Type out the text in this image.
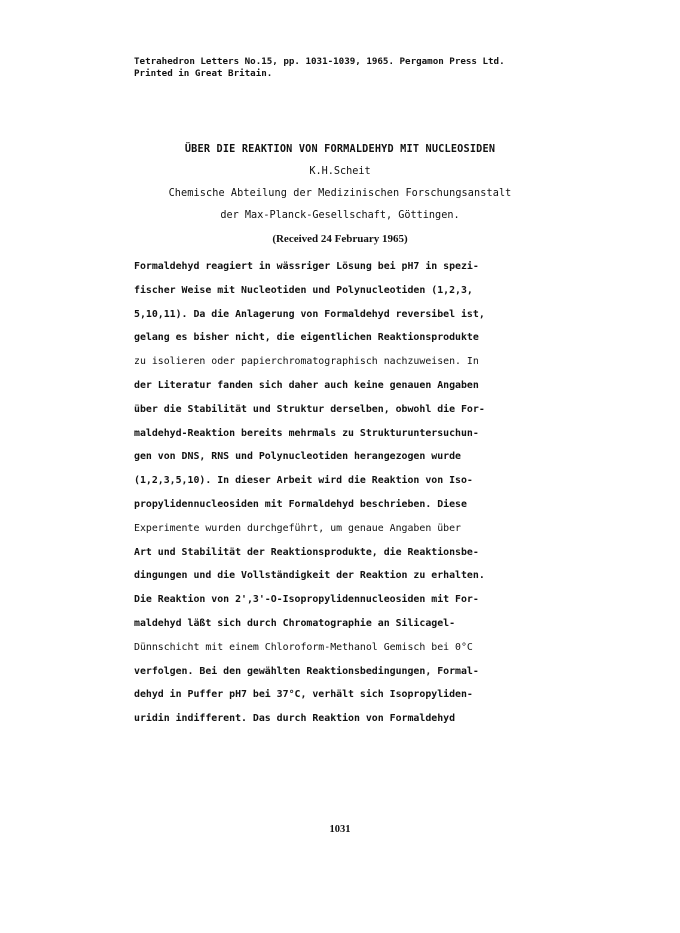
Tetrahedron Letters No.15, pp. 1031-1039, 1965. Pergamon Press Ltd.
Printed in Great Britain.
ÜBER DIE REAKTION VON FORMALDEHYD MIT NUCLEOSIDEN
K.H.Scheit
Chemische Abteilung der Medizinischen Forschungsanstalt
der Max-Planck-Gesellschaft, Göttingen.
(Received 24 February 1965)
Formaldehyd reagiert in wässriger Lösung bei pH7 in spezi-
fischer Weise mit Nucleotiden und Polynucleotiden (1,2,3,
5,10,11). Da die Anlagerung von Formaldehyd reversibel ist,
gelang es bisher nicht, die eigentlichen Reaktionsprodukte
zu isolieren oder papierchromatographisch nachzuweisen. In
der Literatur fanden sich daher auch keine genauen Angaben
über die Stabilität und Struktur derselben, obwohl die For-
maldehyd-Reaktion bereits mehrmals zu Strukturuntersuchun-
gen von DNS, RNS und Polynucleotiden herangezogen wurde
(1,2,3,5,10). In dieser Arbeit wird die Reaktion von Iso-
propylidennucleosiden mit Formaldehyd beschrieben. Diese
Experimente wurden durchgeführt, um genaue Angaben über
Art und Stabilität der Reaktionsprodukte, die Reaktionsbe-
dingungen und die Vollständigkeit der Reaktion zu erhalten.
Die Reaktion von 2',3'-O-Isopropylidennucleosiden mit For-
maldehyd läßt sich durch Chromatographie an Silicagel-
Dünnschicht mit einem Chloroform-Methanol Gemisch bei 0°C
verfolgen. Bei den gewählten Reaktionsbedingungen, Formal-
dehyd in Puffer pH7 bei 37°C, verhält sich Isopropyliden-
uridin indifferent. Das durch Reaktion von Formaldehyd
1031
